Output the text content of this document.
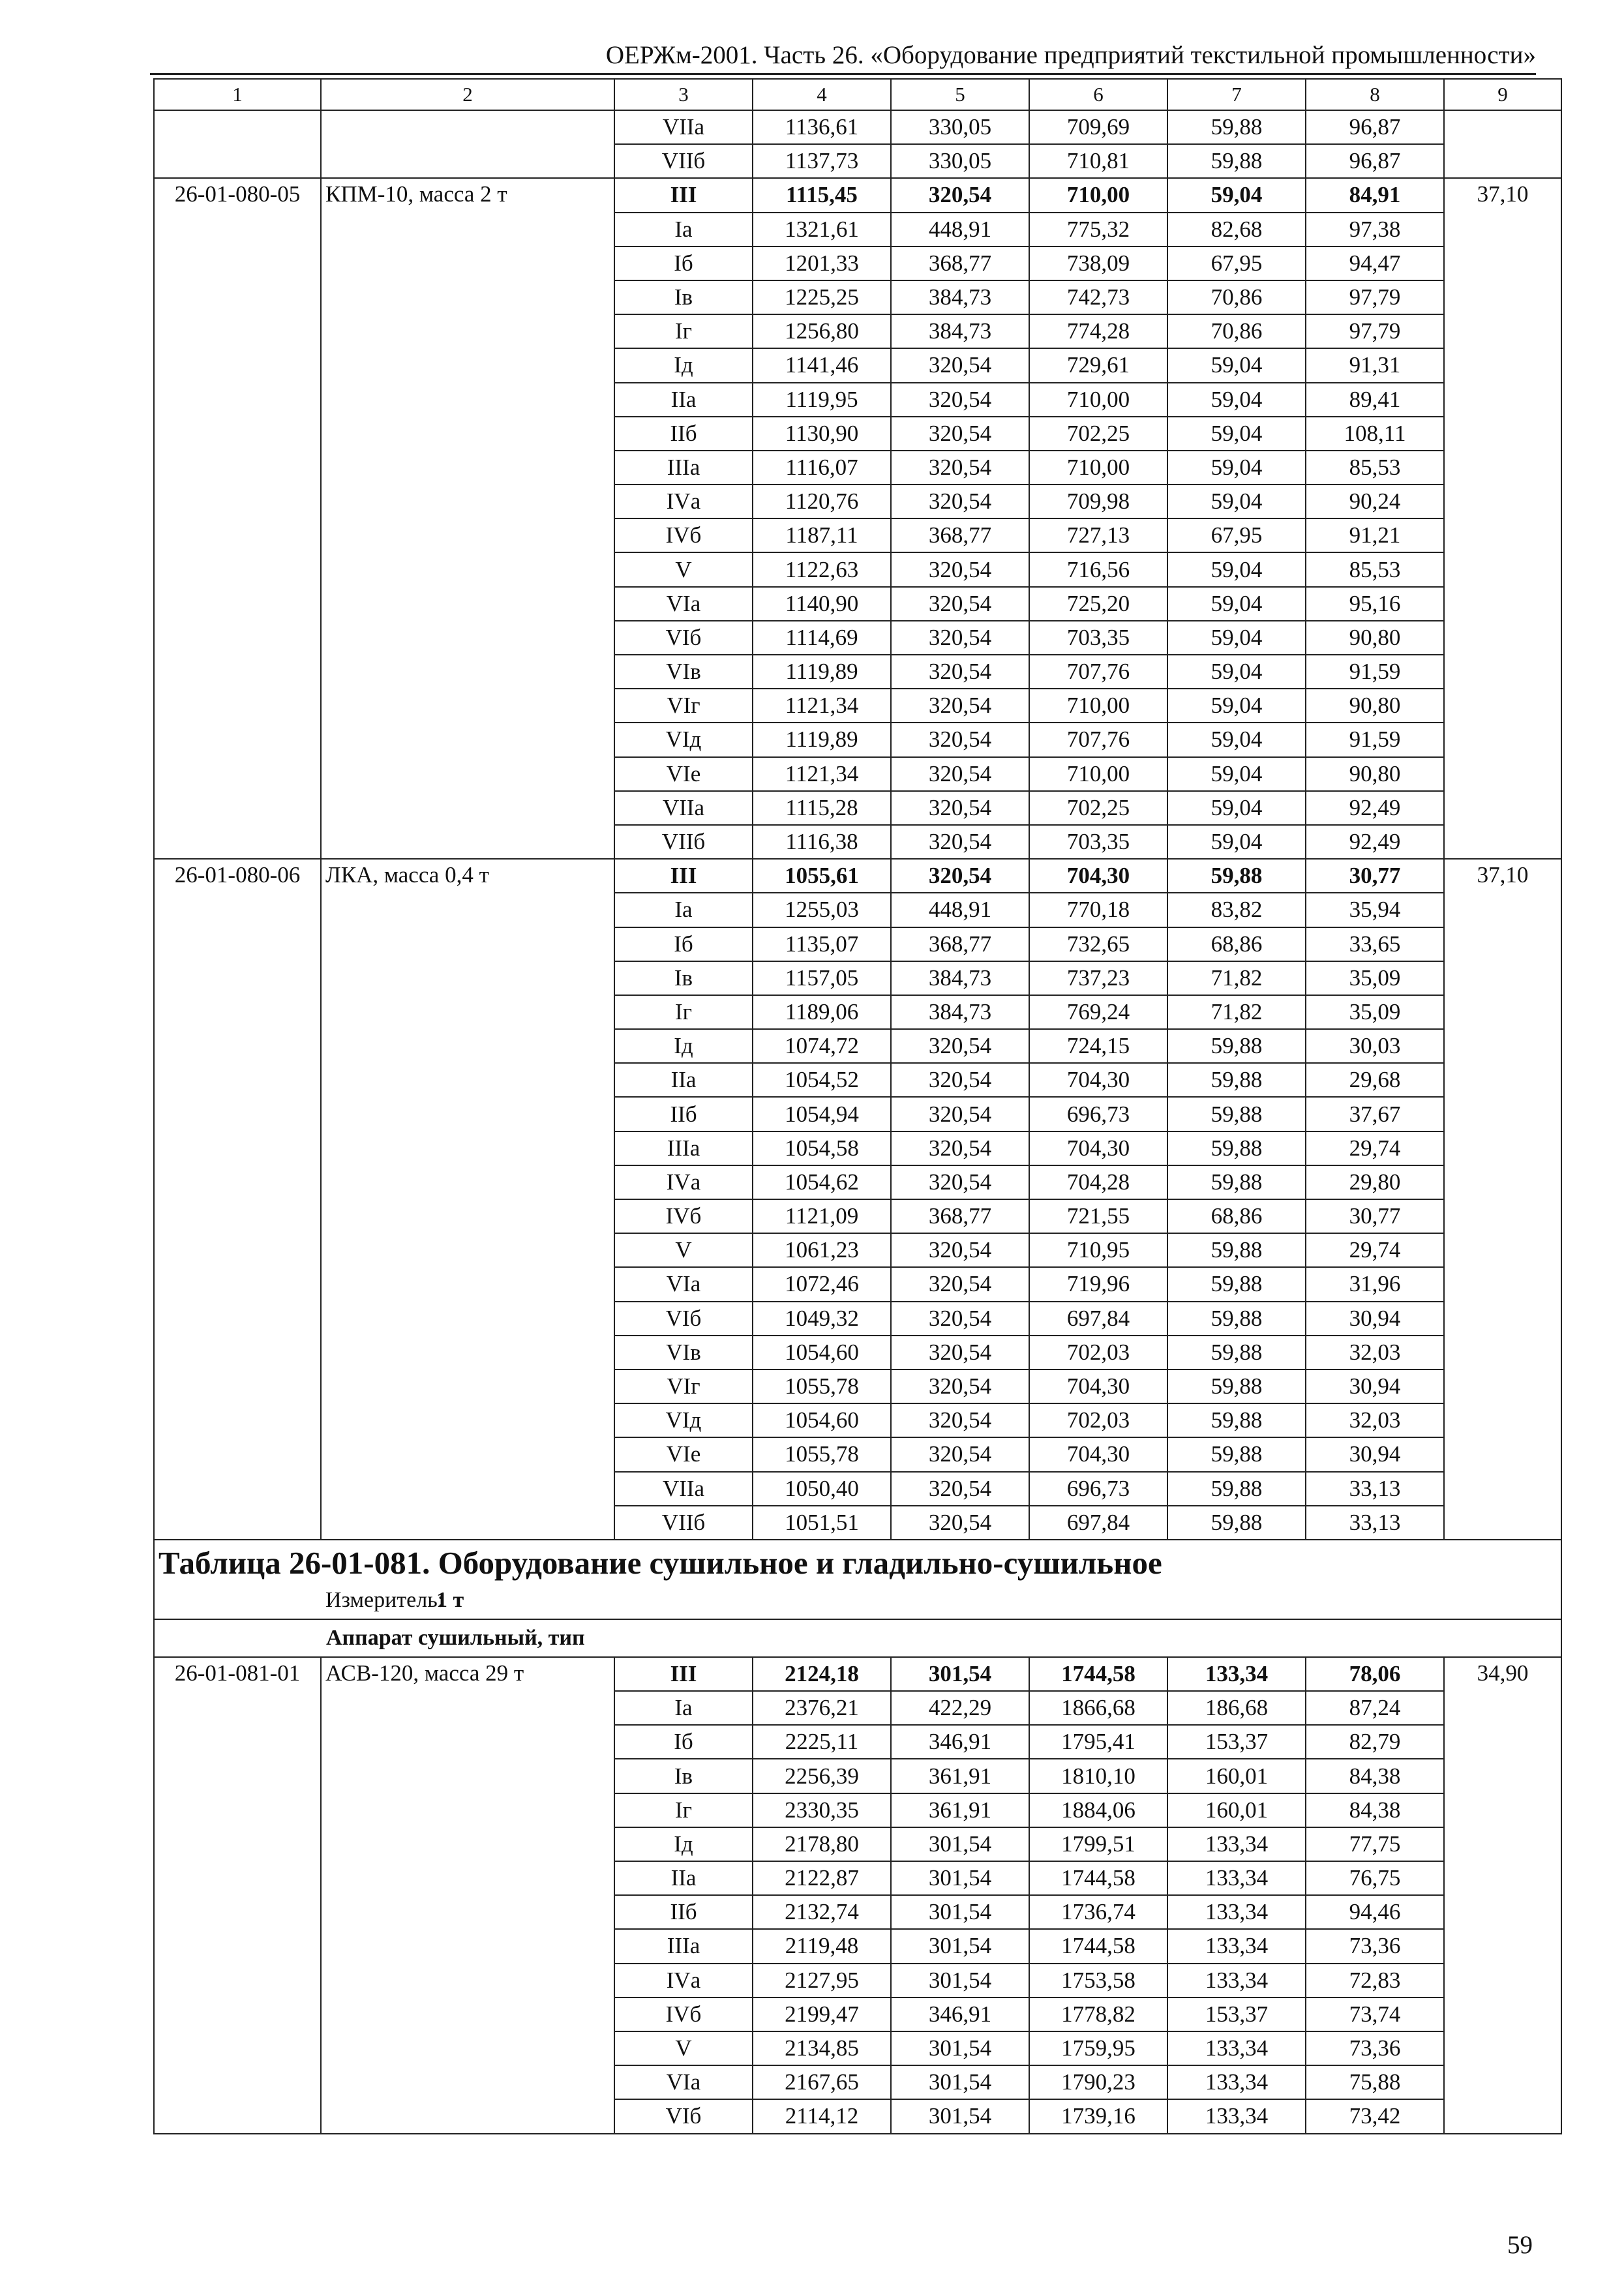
ОЕРЖм-2001. Часть 26. «Оборудование предприятий текстильной промышленности»
1	2	3	4	5	6	7	8	9
		VIIа	1136,61	330,05	709,69	59,88	96,87	
		VIIб	1137,73	330,05	710,81	59,88	96,87	
26-01-080-05	КПМ-10, масса 2 т	III	1115,45	320,54	710,00	59,04	84,91	37,10
		Iа	1321,61	448,91	775,32	82,68	97,38	
		Iб	1201,33	368,77	738,09	67,95	94,47	
		Iв	1225,25	384,73	742,73	70,86	97,79	
		Iг	1256,80	384,73	774,28	70,86	97,79	
		Iд	1141,46	320,54	729,61	59,04	91,31	
		IIа	1119,95	320,54	710,00	59,04	89,41	
		IIб	1130,90	320,54	702,25	59,04	108,11	
		IIIа	1116,07	320,54	710,00	59,04	85,53	
		IVа	1120,76	320,54	709,98	59,04	90,24	
		IVб	1187,11	368,77	727,13	67,95	91,21	
		V	1122,63	320,54	716,56	59,04	85,53	
		VIа	1140,90	320,54	725,20	59,04	95,16	
		VIб	1114,69	320,54	703,35	59,04	90,80	
		VIв	1119,89	320,54	707,76	59,04	91,59	
		VIг	1121,34	320,54	710,00	59,04	90,80	
		VIд	1119,89	320,54	707,76	59,04	91,59	
		VIе	1121,34	320,54	710,00	59,04	90,80	
		VIIа	1115,28	320,54	702,25	59,04	92,49	
		VIIб	1116,38	320,54	703,35	59,04	92,49	
26-01-080-06	ЛКА, масса 0,4 т	III	1055,61	320,54	704,30	59,88	30,77	37,10
		Iа	1255,03	448,91	770,18	83,82	35,94	
		Iб	1135,07	368,77	732,65	68,86	33,65	
		Iв	1157,05	384,73	737,23	71,82	35,09	
		Iг	1189,06	384,73	769,24	71,82	35,09	
		Iд	1074,72	320,54	724,15	59,88	30,03	
		IIа	1054,52	320,54	704,30	59,88	29,68	
		IIб	1054,94	320,54	696,73	59,88	37,67	
		IIIа	1054,58	320,54	704,30	59,88	29,74	
		IVа	1054,62	320,54	704,28	59,88	29,80	
		IVб	1121,09	368,77	721,55	68,86	30,77	
		V	1061,23	320,54	710,95	59,88	29,74	
		VIа	1072,46	320,54	719,96	59,88	31,96	
		VIб	1049,32	320,54	697,84	59,88	30,94	
		VIв	1054,60	320,54	702,03	59,88	32,03	
		VIг	1055,78	320,54	704,30	59,88	30,94	
		VIд	1054,60	320,54	702,03	59,88	32,03	
		VIе	1055,78	320,54	704,30	59,88	30,94	
		VIIа	1050,40	320,54	696,73	59,88	33,13	
		VIIб	1051,51	320,54	697,84	59,88	33,13	

Таблица 26-01-081. Оборудование сушильное и гладильно-сушильное
Измеритель:1 т								

Аппарат сушильный, тип								
26-01-081-01	АСВ-120, масса 29 т	III	2124,18	301,54	1744,58	133,34	78,06	34,90
		Iа	2376,21	422,29	1866,68	186,68	87,24	
		Iб	2225,11	346,91	1795,41	153,37	82,79	
		Iв	2256,39	361,91	1810,10	160,01	84,38	
		Iг	2330,35	361,91	1884,06	160,01	84,38	
		Iд	2178,80	301,54	1799,51	133,34	77,75	
		IIа	2122,87	301,54	1744,58	133,34	76,75	
		IIб	2132,74	301,54	1736,74	133,34	94,46	
		IIIа	2119,48	301,54	1744,58	133,34	73,36	
		IVа	2127,95	301,54	1753,58	133,34	72,83	
		IVб	2199,47	346,91	1778,82	153,37	73,74	
		V	2134,85	301,54	1759,95	133,34	73,36	
		VIа	2167,65	301,54	1790,23	133,34	75,88	
		VIб	2114,12	301,54	1739,16	133,34	73,42	
59
